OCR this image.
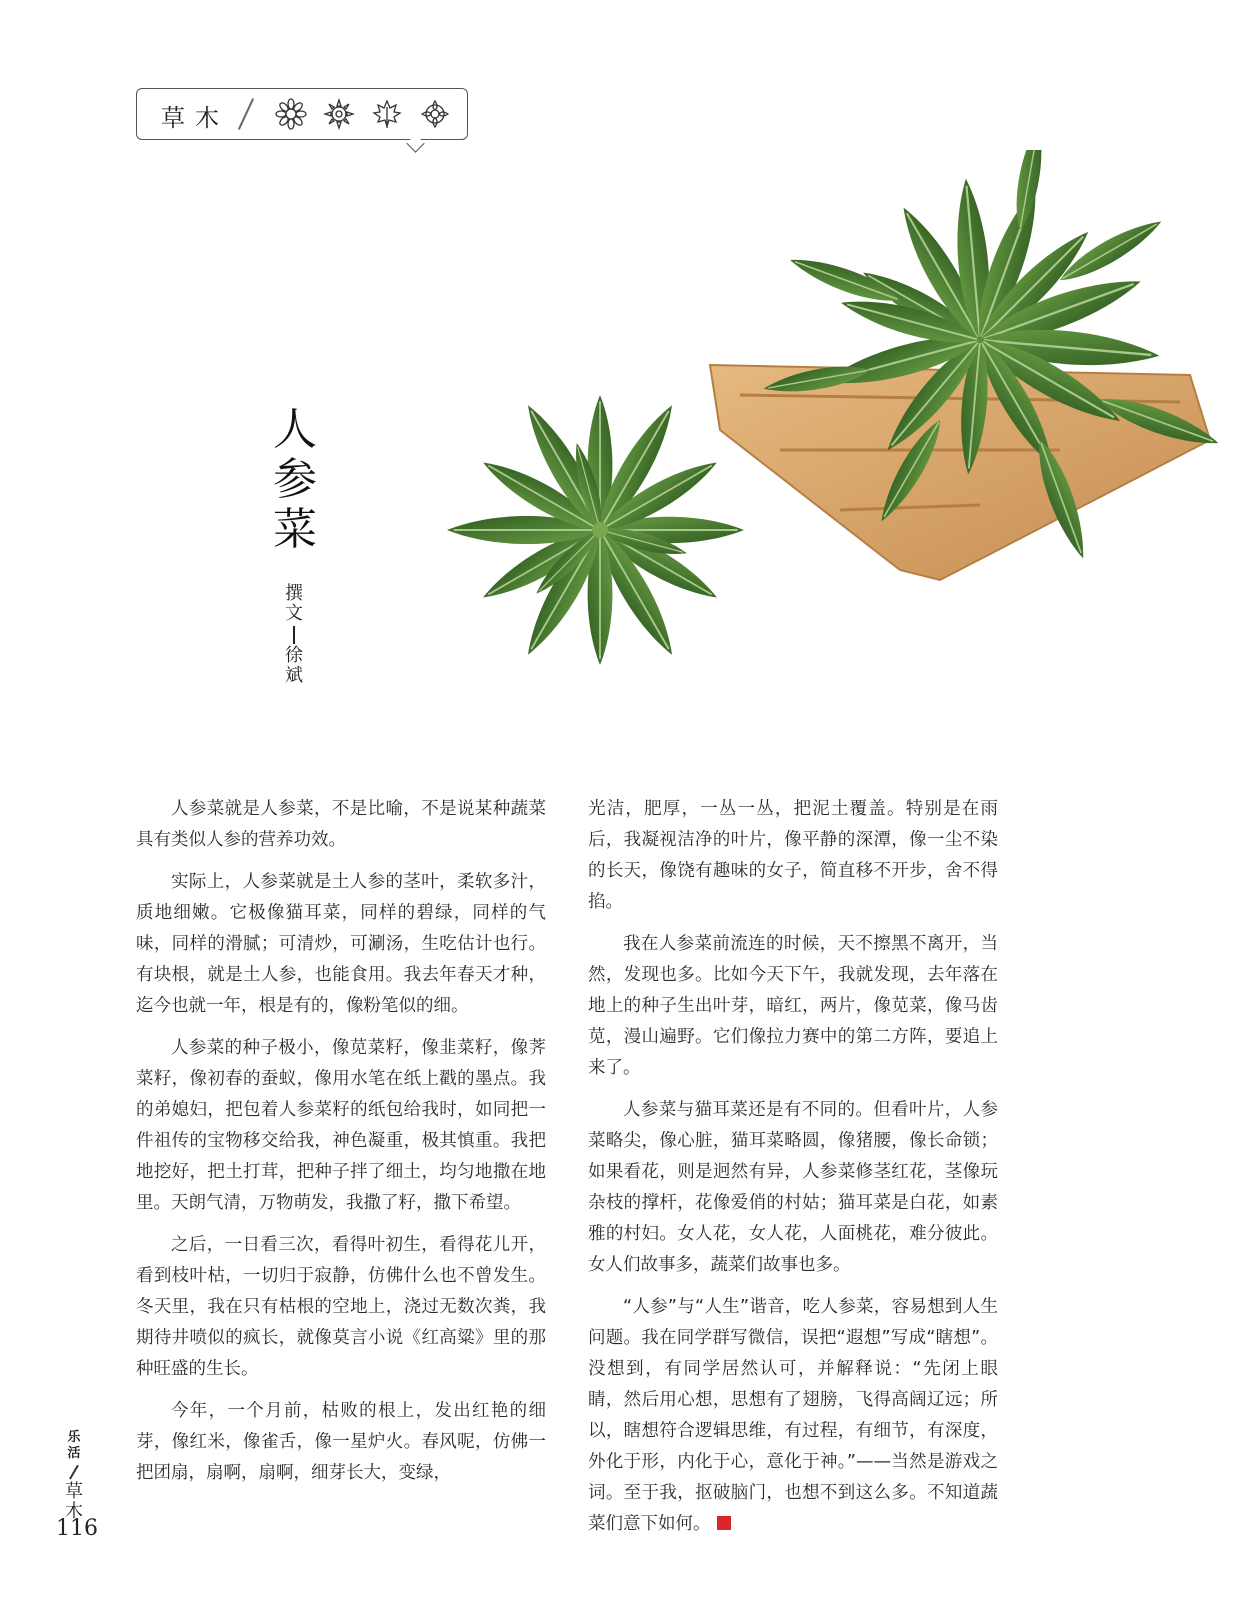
草木
人
参
菜
撰
文
徐
斌

人参菜就是人参菜，不是比喻，不是说某种蔬菜具有类似人参的营养功效。

实际上，人参菜就是土人参的茎叶，柔软多汁，质地细嫩。它极像猫耳菜，同样的碧绿，同样的气味，同样的滑腻；可清炒，可涮汤，生吃估计也行。有块根，就是土人参，也能食用。我去年春天才种，迄今也就一年，根是有的，像粉笔似的细。

人参菜的种子极小，像苋菜籽，像韭菜籽，像荠菜籽，像初春的蚕蚁，像用水笔在纸上戳的墨点。我的弟媳妇，把包着人参菜籽的纸包给我时，如同把一件祖传的宝物移交给我，神色凝重，极其慎重。我把地挖好，把土打茸，把种子拌了细土，均匀地撒在地里。天朗气清，万物萌发，我撒了籽，撒下希望。

之后，一日看三次，看得叶初生，看得花儿开，看到枝叶枯，一切归于寂静，仿佛什么也不曾发生。冬天里，我在只有枯根的空地上，浇过无数次粪，我期待井喷似的疯长，就像莫言小说《红高粱》里的那种旺盛的生长。

今年，一个月前，枯败的根上，发出红艳的细芽，像红米，像雀舌，像一星炉火。春风呢，仿佛一把团扇，扇啊，扇啊，细芽长大，变绿，

光洁，肥厚，一丛一丛，把泥土覆盖。特别是在雨后，我凝视洁净的叶片，像平静的深潭，像一尘不染的长天，像饶有趣味的女子，简直移不开步，舍不得掐。

我在人参菜前流连的时候，天不擦黑不离开，当然，发现也多。比如今天下午，我就发现，去年落在地上的种子生出叶芽，暗红，两片，像苋菜，像马齿苋，漫山遍野。它们像拉力赛中的第二方阵，要追上来了。

人参菜与猫耳菜还是有不同的。但看叶片，人参菜略尖，像心脏，猫耳菜略圆，像猪腰，像长命锁；如果看花，则是迥然有异，人参菜修茎红花，茎像玩杂枝的撑杆，花像爱俏的村姑；猫耳菜是白花，如素雅的村妇。女人花，女人花，人面桃花，难分彼此。女人们故事多，蔬菜们故事也多。

“人参”与“人生”谐音，吃人参菜，容易想到人生问题。我在同学群写微信，误把“遐想”写成“瞎想”。没想到，有同学居然认可，并解释说：“先闭上眼睛，然后用心想，思想有了翅膀，飞得高阔辽远；所以，瞎想符合逻辑思维，有过程，有细节，有深度，外化于形，内化于心，意化于神。”——当然是游戏之词。至于我，抠破脑门，也想不到这么多。不知道蔬菜们意下如何。

乐
活
草
木
116
